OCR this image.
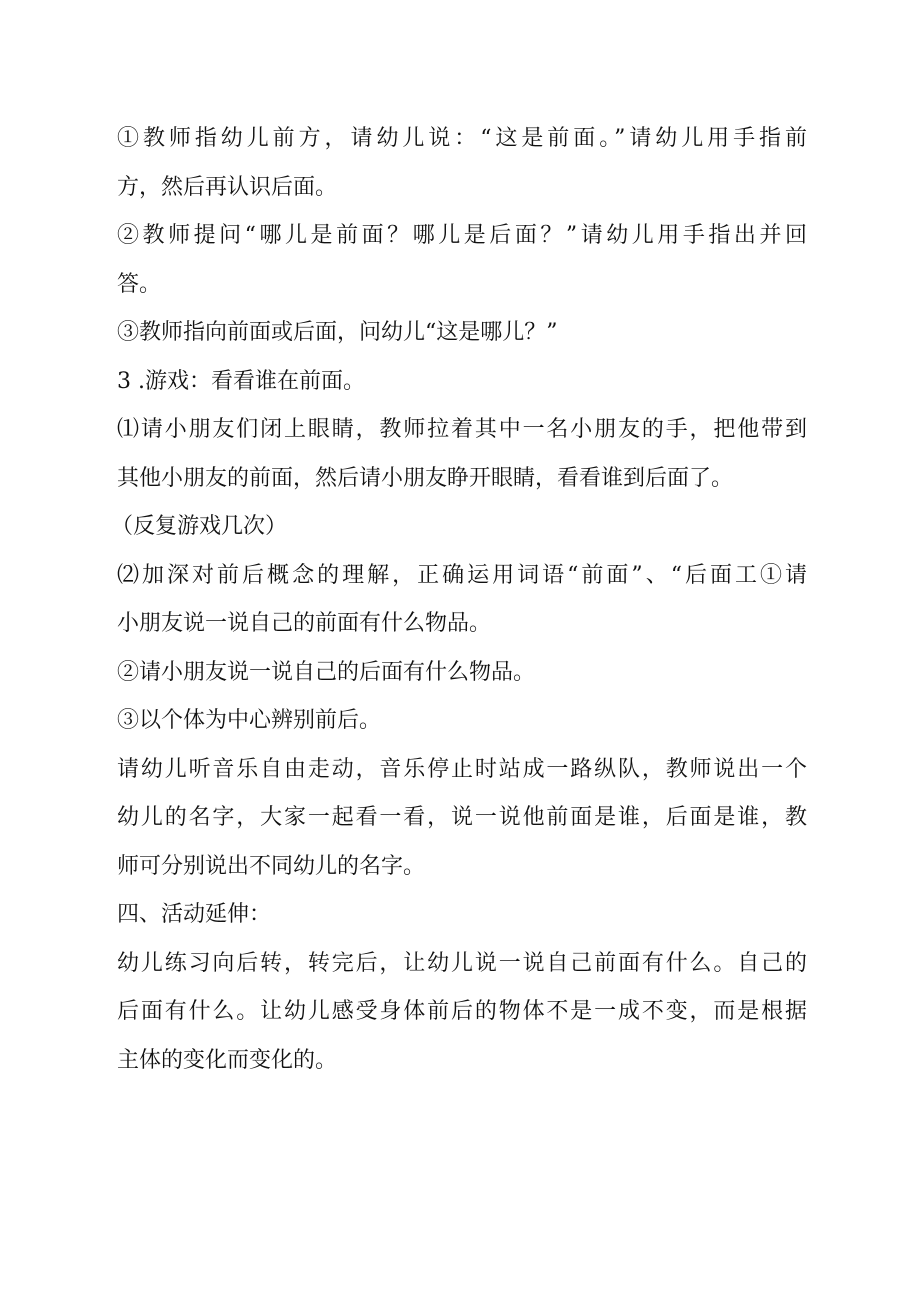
①教师指幼儿前方，请幼儿说：“这是前面。”请幼儿用手指前
方，然后再认识后面。
②教师提问“哪儿是前面？哪儿是后面？”请幼儿用手指出并回
答。
③教师指向前面或后面，问幼儿“这是哪儿？”
3 .游戏：看看谁在前面。
⑴请小朋友们闭上眼睛，教师拉着其中一名小朋友的手，把他带到
其他小朋友的前面，然后请小朋友睁开眼睛，看看谁到后面了。
（反复游戏几次）
⑵加深对前后概念的理解，正确运用词语“前面”、“后面工①请
小朋友说一说自己的前面有什么物品。
②请小朋友说一说自己的后面有什么物品。
③以个体为中心辨别前后。
请幼儿听音乐自由走动，音乐停止时站成一路纵队，教师说出一个
幼儿的名字，大家一起看一看，说一说他前面是谁，后面是谁，教
师可分别说出不同幼儿的名字。
四、活动延伸：
幼儿练习向后转，转完后，让幼儿说一说自己前面有什么。自己的
后面有什么。让幼儿感受身体前后的物体不是一成不变，而是根据
主体的变化而变化的。
